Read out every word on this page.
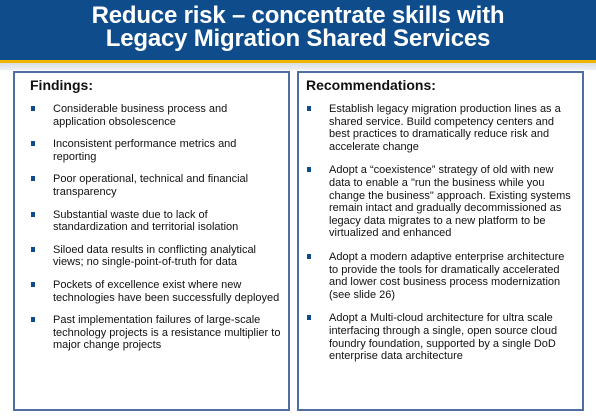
Reduce risk – concentrate skills with
Legacy Migration Shared Services
Findings:
Considerable business process and application obsolescence
Inconsistent performance metrics and reporting
Poor operational, technical and financial transparency
Substantial waste due to lack of standardization and territorial isolation
Siloed data results in conflicting analytical views; no single-point-of-truth for data
Pockets of excellence exist where new technologies have been successfully deployed
Past implementation failures of large-scale technology projects is a resistance multiplier to major change projects
Recommendations:
Establish legacy migration production lines as a shared service. Build competency centers and best practices to dramatically reduce risk and accelerate change
Adopt a “coexistence” strategy of old with new data to enable a "run the business while you change the business" approach. Existing systems remain intact and gradually decommissioned as legacy data migrates to a new platform to be virtualized and enhanced
Adopt a modern adaptive enterprise architecture to provide the tools for dramatically accelerated and lower cost business process modernization (see slide 26)
Adopt a Multi-cloud architecture for ultra scale interfacing through a single, open source cloud foundry foundation, supported by a single DoD enterprise data architecture
